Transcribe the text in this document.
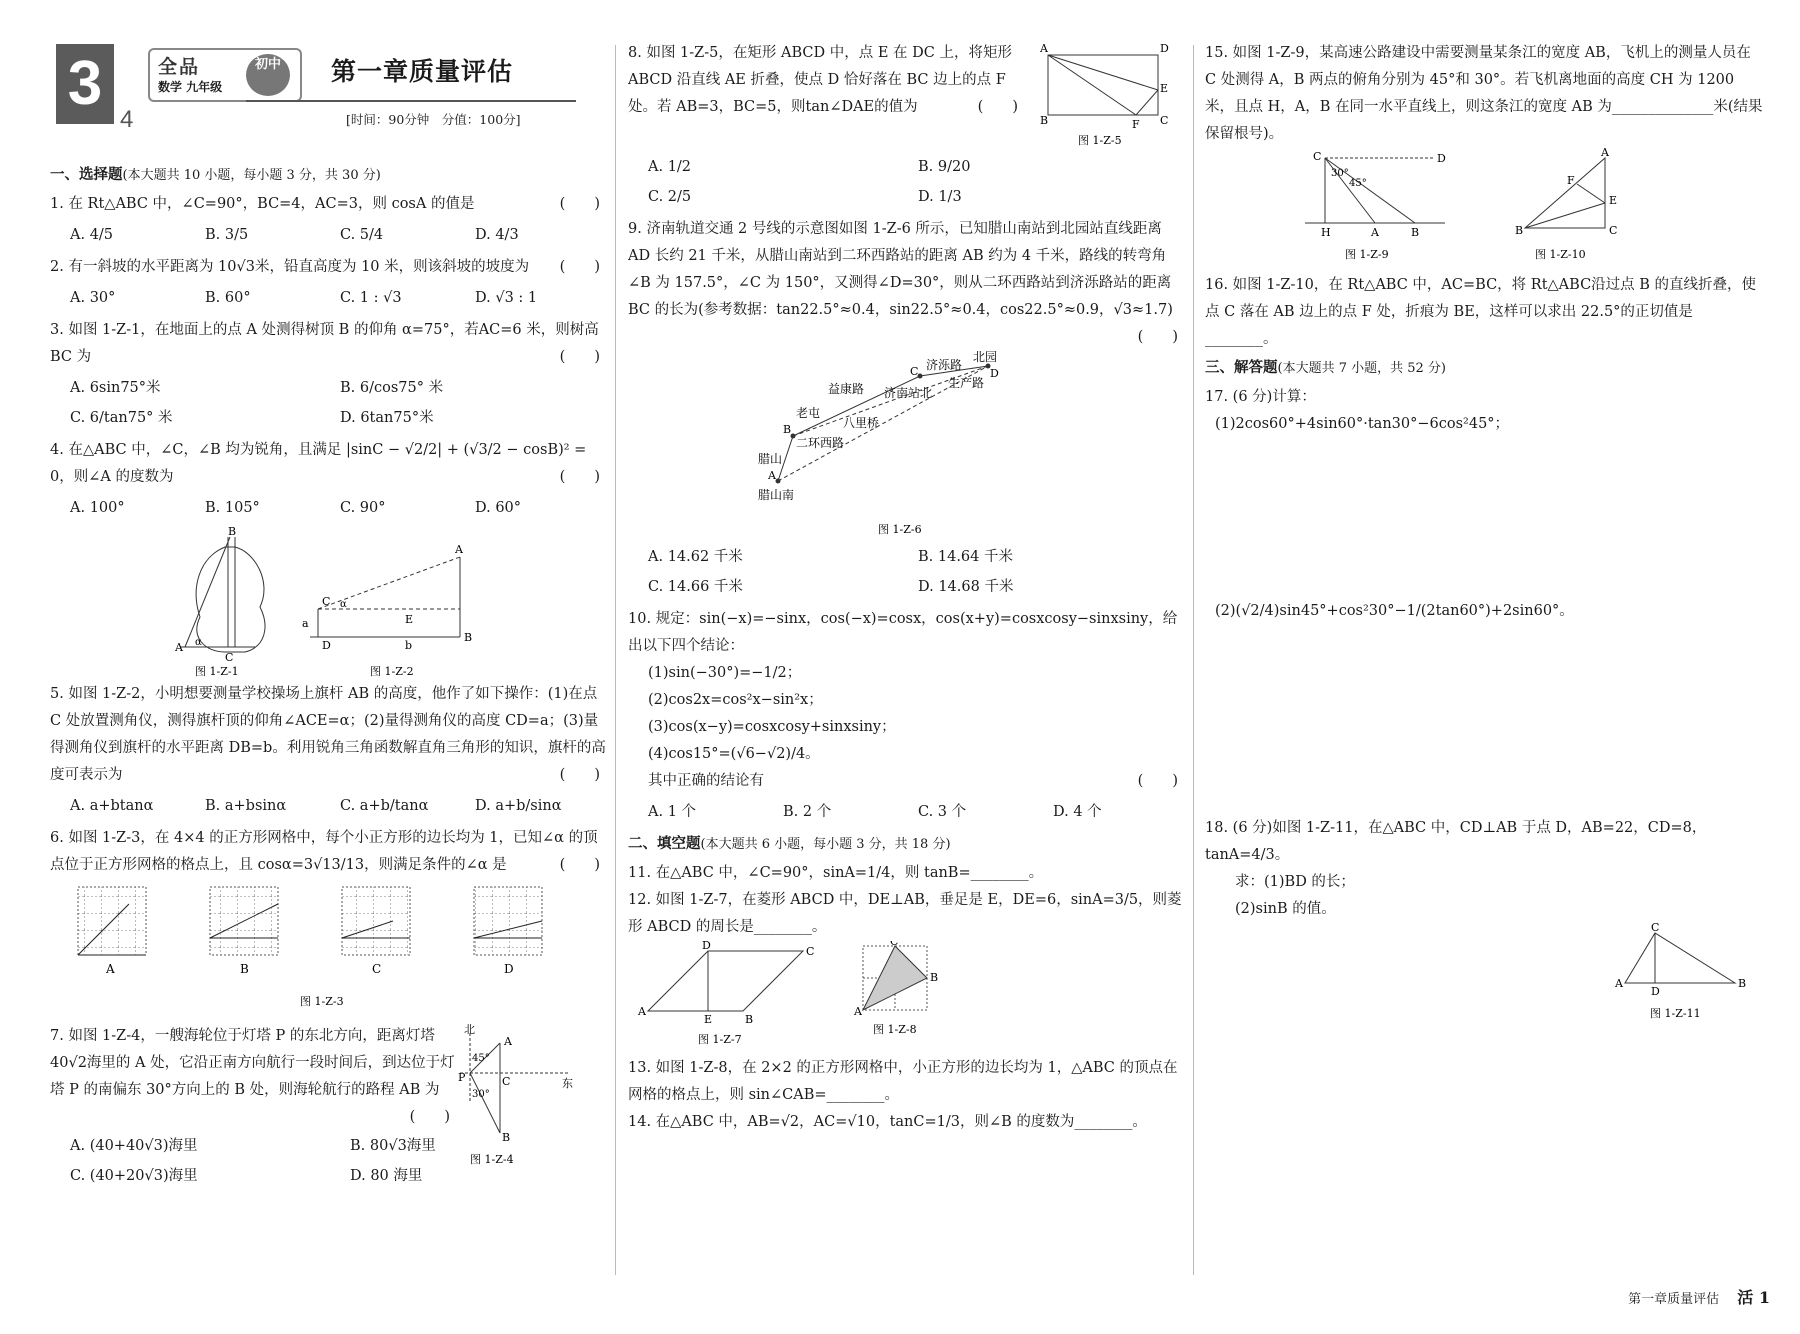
3
4
全品
数学 九年级
初中	第一章质量评估
[时间：90分钟　分值：100分]
一、选择题(本大题共 10 小题，每小题 3 分，共 30 分)

1. 在 Rt△ABC 中，∠C=90°，BC=4，AC=3，则 cosA 的值是	(　　)

A. 4/5	B. 3/5	C. 5/4	D. 4/3

2. 有一斜坡的水平距离为 10√3米，铅直高度为 10 米，则该斜坡的坡度为 (　　)

A. 30°	B. 60°	C. 1 : √3	D. √3 : 1

3. 如图 1-Z-1，在地面上的点 A 处测得树顶 B 的仰角 α=75°，若AC=6 米，则树高 BC 为	(　　)

A. 6sin75°米	B. 6/cos75° 米
C. 6/tan75° 米	D. 6tan75°米

4. 在△ABC 中，∠C，∠B 均为锐角，且满足 |sinC − √2/2| + (√3/2 − cosB)² = 0，则∠A 的度数为	(　　)

A. 100°	B. 105°	C. 90°	D. 60°
B
A
C
α
图 1-Z-1
A
B
C
D
E
a
b
α
图 1-Z-2

5. 如图 1-Z-2，小明想要测量学校操场上旗杆 AB 的高度，他作了如下操作：(1)在点 C 处放置测角仪，测得旗杆顶的仰角∠ACE=α；(2)量得测角仪的高度 CD=a；(3)量得测角仪到旗杆的水平距离 DB=b。利用锐角三角函数解直角三角形的知识，旗杆的高度可表示为	(　　)

A. a+btanα	B. a+bsinα	C. a+b/tanα	D. a+b/sinα

6. 如图 1-Z-3，在 4×4 的正方形网格中，每个小正方形的边长均为 1，已知∠α 的顶点位于正方形网格的格点上，且 cosα=3√13/13，则满足条件的∠α 是	(　　)

A	B	C	D
图 1-Z-3

7. 如图 1-Z-4，一艘海轮位于灯塔 P 的东北方向，距离灯塔 40√2海里的 A 处，它沿正南方向航行一段时间后，到达位于灯塔 P 的南偏东 30°方向上的 B 处，则海轮航行的路程 AB 为
(　　)

A. (40+40√3)海里	B. 80√3海里
C. (40+20√3)海里	D. 80 海里
北
东
A
B
C
P
45°
30°
图 1-Z-4

8. 如图 1-Z-5，在矩形 ABCD 中，点 E 在 DC 上，将矩形 ABCD 沿直线 AE 折叠，使点 D 恰好落在 BC 边上的点 F 处。若 AB=3，BC=5，则tan∠DAE的值为	(　　)

A	D
B	C
E
F
图 1-Z-5
A. 1/2	B. 9/20
C. 2/5	D. 1/3

9. 济南轨道交通 2 号线的示意图如图 1-Z-6 所示，已知腊山南站到北园站直线距离 AD 长约 21 千米，从腊山南站到二环西路站的距离 AB 约为 4 千米，路线的转弯角∠B 为 157.5°，∠C 为 150°，又测得∠D=30°，则从二环西路站到济泺路站的距离 BC 的长为(参考数据：tan22.5°≈0.4，sin22.5°≈0.4，cos22.5°≈0.9，√3≈1.7)
(　　)

A
B
C	D
济泺路
北园
益康路 济南站北
生产路
老屯
八里桥
二环西路
腊山
腊山南
图 1-Z-6
A. 14.62 千米	B. 14.64 千米
C. 14.66 千米	D. 14.68 千米

10. 规定：sin(−x)=−sinx，cos(−x)=cosx，cos(x+y)=cosxcosy−sinxsiny，给出以下四个结论：

(1)sin(−30°)=−1/2；

(2)cos2x=cos²x−sin²x；

(3)cos(x−y)=cosxcosy+sinxsiny；

(4)cos15°=(√6−√2)/4。

其中正确的结论有	(　　)

A. 1 个	B. 2 个	C. 3 个	D. 4 个
二、填空题(本大题共 6 小题，每小题 3 分，共 18 分)

11. 在△ABC 中，∠C=90°，sinA=1/4，则 tanB=________。

12. 如图 1-Z-7，在菱形 ABCD 中，DE⊥AB，垂足是 E，DE=6，sinA=3/5，则菱形 ABCD 的周长是________。

A
D	C
B
E
图 1-Z-7
A
C
B
图 1-Z-8

13. 如图 1-Z-8，在 2×2 的正方形网格中，小正方形的边长均为 1，△ABC 的顶点在网格的格点上，则 sin∠CAB=________。

14. 在△ABC 中，AB=√2，AC=√10，tanC=1/3，则∠B 的度数为________。

15. 如图 1-Z-9，某高速公路建设中需要测量某条江的宽度 AB，飞机上的测量人员在 C 处测得 A，B 两点的俯角分别为 45°和 30°。若飞机离地面的高度 CH 为 1200 米，且点 H，A，B 在同一水平直线上，则这条江的宽度 AB 为______________米(结果保留根号)。

C	D
H	A	B
30°
45°
图 1-Z-9
B
A
C
E
F
图 1-Z-10

16. 如图 1-Z-10，在 Rt△ABC 中，AC=BC，将 Rt△ABC沿过点 B 的直线折叠，使点 C 落在 AB 边上的点 F 处，折痕为 BE，这样可以求出 22.5°的正切值是________。

三、解答题(本大题共 7 小题，共 52 分)

17. (6 分)计算：

(1)2cos60°+4sin60°·tan30°−6cos²45°；

(2)(√2/4)sin45°+cos²30°−1/(2tan60°)+2sin60°。

18. (6 分)如图 1-Z-11，在△ABC 中，CD⊥AB 于点 D，AB=22，CD=8，tanA=4/3。

求：(1)BD 的长；

(2)sinB 的值。

A
C
B
D
图 1-Z-11
第一章质量评估 活 1
